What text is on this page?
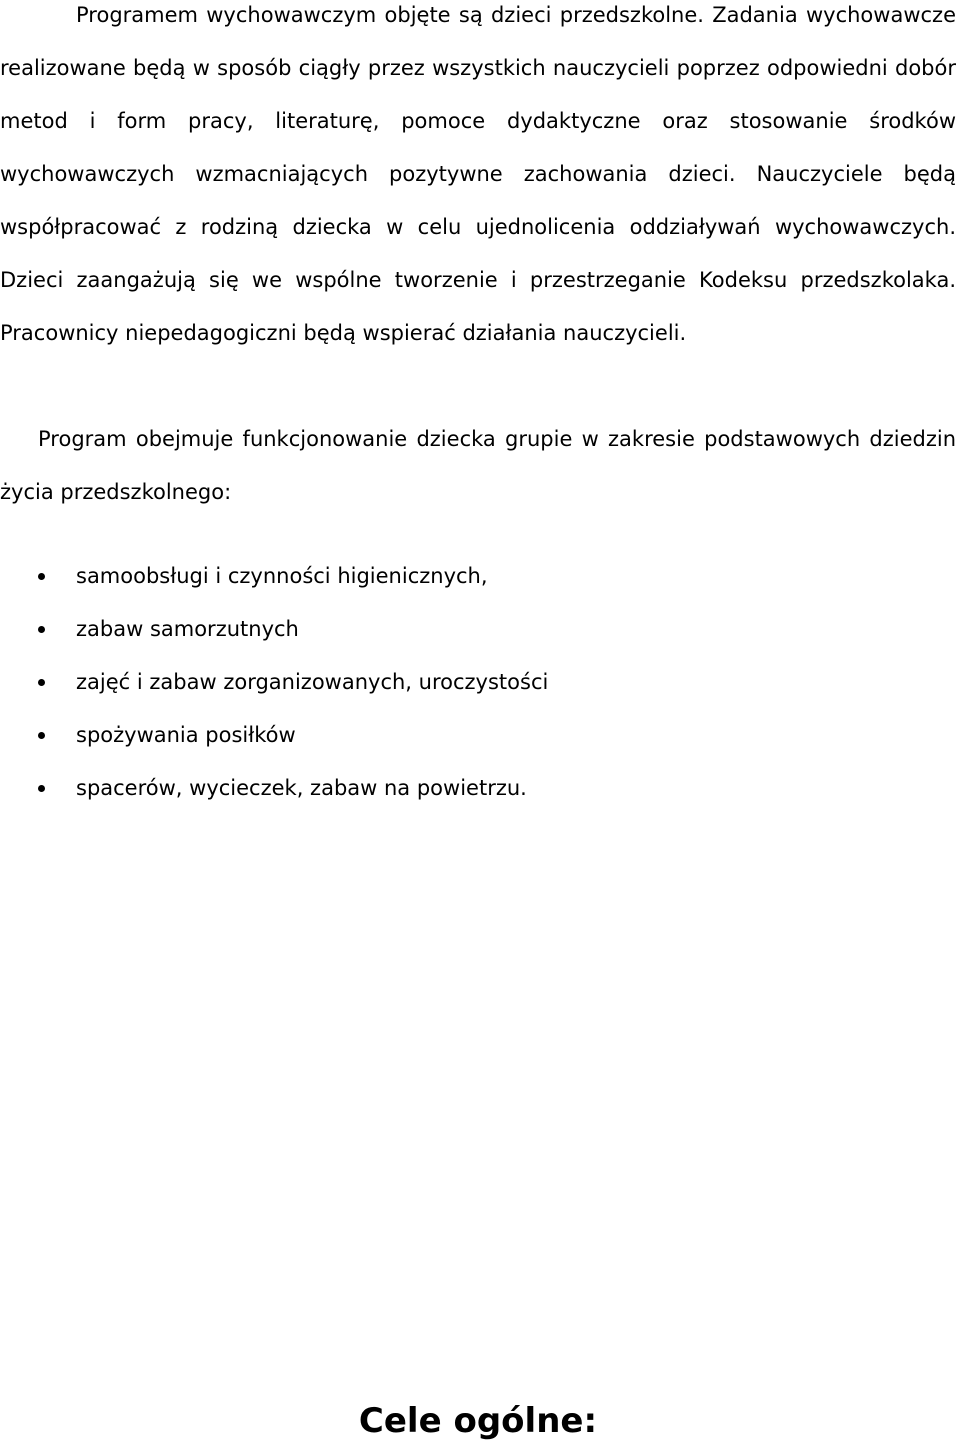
Programem wychowawczym objęte są dzieci przedszkolne. Zadania wychowawcze realizowane będą w sposób ciągły przez wszystkich nauczycieli poprzez odpowiedni dobór metod i form pracy, literaturę, pomoce dydaktyczne oraz stosowanie środków wychowawczych wzmacniających pozytywne zachowania dzieci. Nauczyciele będą współpracować z rodziną dziecka w celu ujednolicenia oddziaływań wychowawczych. Dzieci zaangażują się we wspólne tworzenie i przestrzeganie Kodeksu przedszkolaka. Pracownicy niepedagogiczni będą wspierać działania nauczycieli.

Program obejmuje funkcjonowanie dziecka grupie w zakresie podstawowych dziedzin życia przedszkolnego:

samoobsługi i czynności higienicznych,
zabaw samorzutnych
zajęć i zabaw zorganizowanych, uroczystości
spożywania posiłków
spacerów, wycieczek, zabaw na powietrzu.
Cele ogólne:
